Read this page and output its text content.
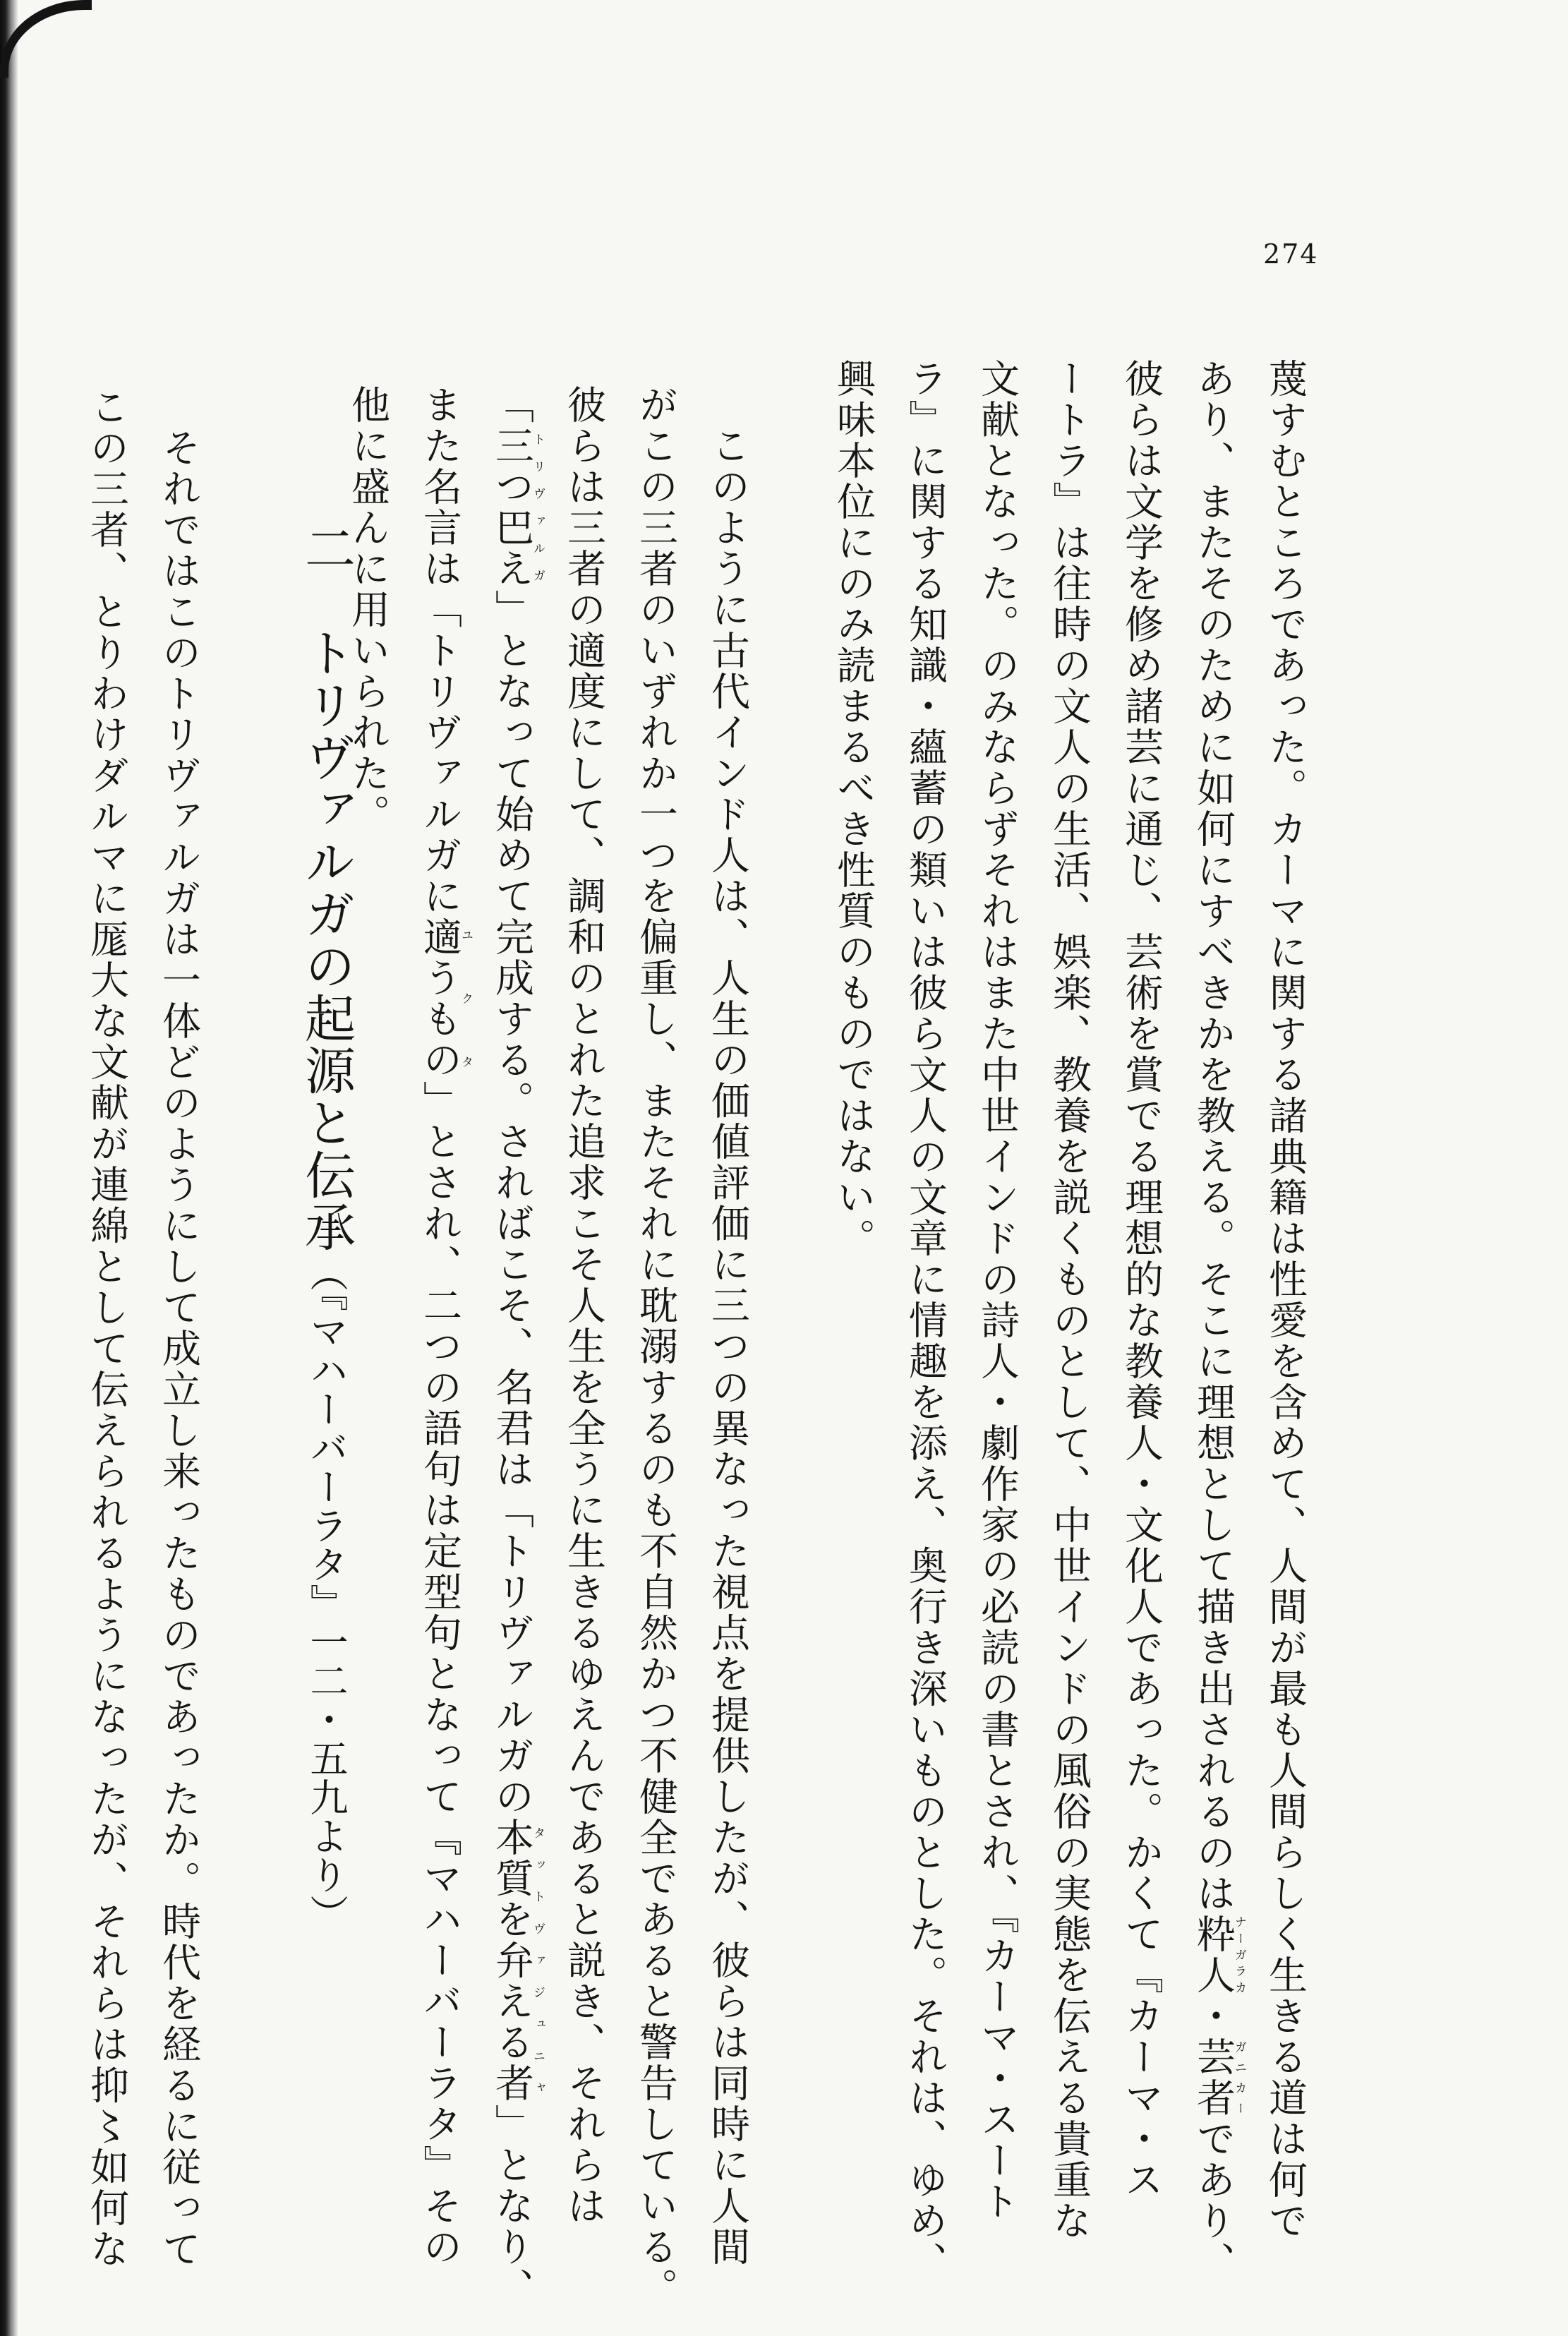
274
蔑すむところであった。カーマに関する諸典籍は性愛を含めて、人間が最も人間らしく生きる道は何で
あり、またそのために如何にすべきかを教える。そこに理想として描き出されるのは粋人ナーガラカ・芸者ガニカーであり、
彼らは文学を修め諸芸に通じ、芸術を賞でる理想的な教養人・文化人であった。かくて『カーマ・ス
ートラ』は往時の文人の生活、娯楽、教養を説くものとして、中世インドの風俗の実態を伝える貴重な
文献となった。のみならずそれはまた中世インドの詩人・劇作家の必読の書とされ、『カーマ・スート
ラ』に関する知識・蘊蓄の類いは彼ら文人の文章に情趣を添え、奥行き深いものとした。それは、ゆめ、
興味本位にのみ読まるべき性質のものではない。
　このように古代インド人は、人生の価値評価に三つの異なった視点を提供したが、彼らは同時に人間
がこの三者のいずれか一つを偏重し、またそれに耽溺するのも不自然かつ不健全であると警告している。
彼らは三者の適度にして、調和のとれた追求こそ人生を全うに生きるゆえんであると説き、それらは
「三つ巴えトリヴァルガ」となって始めて完成する。さればこそ、名君は「トリヴァルガの本質を弁える者タットヴァジュニャ」となり、
また名言は「トリヴァルガに適うものユクタ」とされ、二つの語句は定型句となって『マハーバーラタ』その
他に盛んに用いられた。
二　トリヴァルガの起源と伝承（『マハーバーラタ』一二・五九より）
　それではこのトリヴァルガは一体どのようにして成立し来ったものであったか。時代を経るに従って
この三者、とりわけダルマに厖大な文献が連綿として伝えられるようになったが、それらは抑〻如何な
